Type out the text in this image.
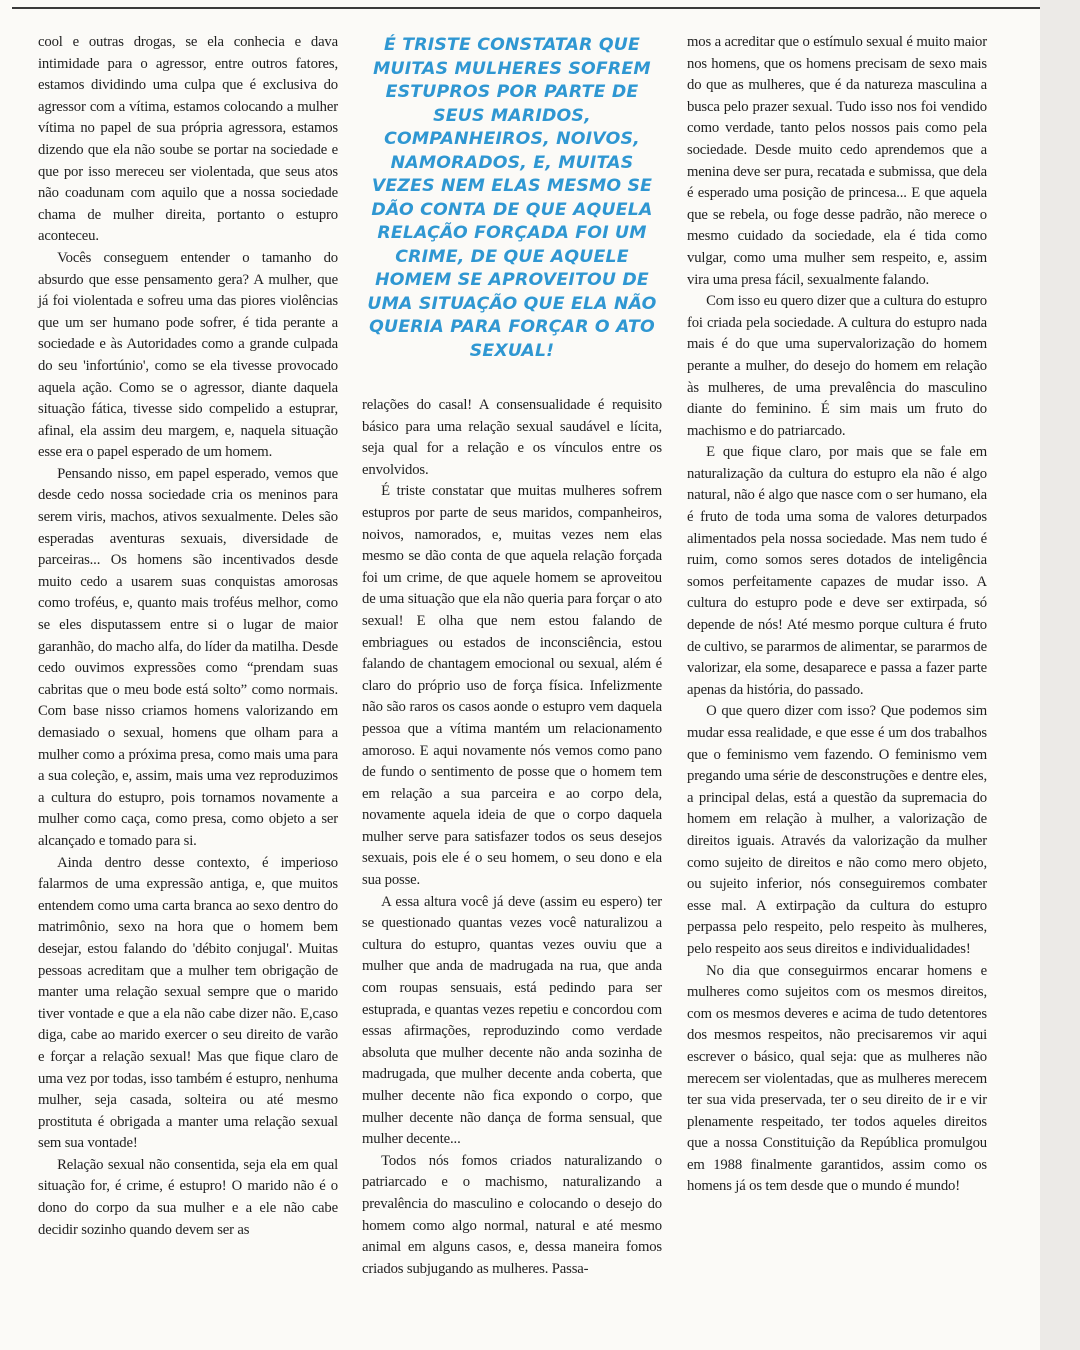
cool e outras drogas, se ela conhecia e dava intimidade para o agressor, entre outros fatores, estamos dividindo uma culpa que é exclusiva do agressor com a vítima, estamos colocando a mulher vítima no papel de sua própria agressora, estamos dizendo que ela não soube se portar na sociedade e que por isso mereceu ser violentada, que seus atos não coadunam com aquilo que a nossa sociedade chama de mulher direita, portanto o estupro aconteceu.

Vocês conseguem entender o tamanho do absurdo que esse pensamento gera? A mulher, que já foi violentada e sofreu uma das piores violências que um ser humano pode sofrer, é tida perante a sociedade e às Autoridades como a grande culpada do seu 'infortúnio', como se ela tivesse provocado aquela ação. Como se o agressor, diante daquela situação fática, tivesse sido compelido a estuprar, afinal, ela assim deu margem, e, naquela situação esse era o papel esperado de um homem.

Pensando nisso, em papel esperado, vemos que desde cedo nossa sociedade cria os meninos para serem viris, machos, ativos sexualmente. Deles são esperadas aventuras sexuais, diversidade de parceiras... Os homens são incentivados desde muito cedo a usarem suas conquistas amorosas como troféus, e, quanto mais troféus melhor, como se eles disputassem entre si o lugar de maior garanhão, do macho alfa, do líder da matilha. Desde cedo ouvimos expressões como “prendam suas cabritas que o meu bode está solto” como normais. Com base nisso criamos homens valorizando em demasiado o sexual, homens que olham para a mulher como a próxima presa, como mais uma para a sua coleção, e, assim, mais uma vez reproduzimos a cultura do estupro, pois tornamos novamente a mulher como caça, como presa, como objeto a ser alcançado e tomado para si.

Ainda dentro desse contexto, é imperioso falarmos de uma expressão antiga, e, que muitos entendem como uma carta branca ao sexo dentro do matrimônio, sexo na hora que o homem bem desejar, estou falando do 'débito conjugal'. Muitas pessoas acreditam que a mulher tem obrigação de manter uma relação sexual sempre que o marido tiver vontade e que a ela não cabe dizer não. E,caso diga, cabe ao marido exercer o seu direito de varão e forçar a relação sexual! Mas que fique claro de uma vez por todas, isso também é estupro, nenhuma mulher, seja casada, solteira ou até mesmo prostituta é obrigada a manter uma relação sexual sem sua vontade!

Relação sexual não consentida, seja ela em qual situação for, é crime, é estupro! O marido não é o dono do corpo da sua mulher e a ele não cabe decidir sozinho quando devem ser as

É TRISTE CONSTATAR QUE MUITAS MULHERES SOFREM ESTUPROS POR PARTE DE SEUS MARIDOS, COMPANHEIROS, NOIVOS, NAMORADOS, E, MUITAS VEZES NEM ELAS MESMO SE DÃO CONTA DE QUE AQUELA RELAÇÃO FORÇADA FOI UM CRIME, DE QUE AQUELE HOMEM SE APROVEITOU DE UMA SITUAÇÃO QUE ELA NÃO QUERIA PARA FORÇAR O ATO SEXUAL!

relações do casal! A consensualidade é requisito básico para uma relação sexual saudável e lícita, seja qual for a relação e os vínculos entre os envolvidos.

É triste constatar que muitas mulheres sofrem estupros por parte de seus maridos, companheiros, noivos, namorados, e, muitas vezes nem elas mesmo se dão conta de que aquela relação forçada foi um crime, de que aquele homem se aproveitou de uma situação que ela não queria para forçar o ato sexual! E olha que nem estou falando de embriagues ou estados de inconsciência, estou falando de chantagem emocional ou sexual, além é claro do próprio uso de força física. Infelizmente não são raros os casos aonde o estupro vem daquela pessoa que a vítima mantém um relacionamento amoroso. E aqui novamente nós vemos como pano de fundo o sentimento de posse que o homem tem em relação a sua parceira e ao corpo dela, novamente aquela ideia de que o corpo daquela mulher serve para satisfazer todos os seus desejos sexuais, pois ele é o seu homem, o seu dono e ela sua posse.

A essa altura você já deve (assim eu espero) ter se questionado quantas vezes você naturalizou a cultura do estupro, quantas vezes ouviu que a mulher que anda de madrugada na rua, que anda com roupas sensuais, está pedindo para ser estuprada, e quantas vezes repetiu e concordou com essas afirmações, reproduzindo como verdade absoluta que mulher decente não anda sozinha de madrugada, que mulher decente anda coberta, que mulher decente não fica expondo o corpo, que mulher decente não dança de forma sensual, que mulher decente...

Todos nós fomos criados naturalizando o patriarcado e o machismo, naturalizando a prevalência do masculino e colocando o desejo do homem como algo normal, natural e até mesmo animal em alguns casos, e, dessa maneira fomos criados subjugando as mulheres. Passa-

mos a acreditar que o estímulo sexual é muito maior nos homens, que os homens precisam de sexo mais do que as mulheres, que é da natureza masculina a busca pelo prazer sexual. Tudo isso nos foi vendido como verdade, tanto pelos nossos pais como pela sociedade. Desde muito cedo aprendemos que a menina deve ser pura, recatada e submissa, que dela é esperado uma posição de princesa... E que aquela que se rebela, ou foge desse padrão, não merece o mesmo cuidado da sociedade, ela é tida como vulgar, como uma mulher sem respeito, e, assim vira uma presa fácil, sexualmente falando.

Com isso eu quero dizer que a cultura do estupro foi criada pela sociedade. A cultura do estupro nada mais é do que uma supervalorização do homem perante a mulher, do desejo do homem em relação às mulheres, de uma prevalência do masculino diante do feminino. É sim mais um fruto do machismo e do patriarcado.

E que fique claro, por mais que se fale em naturalização da cultura do estupro ela não é algo natural, não é algo que nasce com o ser humano, ela é fruto de toda uma soma de valores deturpados alimentados pela nossa sociedade. Mas nem tudo é ruim, como somos seres dotados de inteligência somos perfeitamente capazes de mudar isso. A cultura do estupro pode e deve ser extirpada, só depende de nós! Até mesmo porque cultura é fruto de cultivo, se pararmos de alimentar, se pararmos de valorizar, ela some, desaparece e passa a fazer parte apenas da história, do passado.

O que quero dizer com isso? Que podemos sim mudar essa realidade, e que esse é um dos trabalhos que o feminismo vem fazendo. O feminismo vem pregando uma série de desconstruções e dentre eles, a principal delas, está a questão da supremacia do homem em relação à mulher, a valorização de direitos iguais. Através da valorização da mulher como sujeito de direitos e não como mero objeto, ou sujeito inferior, nós conseguiremos combater esse mal. A extirpação da cultura do estupro perpassa pelo respeito, pelo respeito às mulheres, pelo respeito aos seus direitos e individualidades!

No dia que conseguirmos encarar homens e mulheres como sujeitos com os mesmos direitos, com os mesmos deveres e acima de tudo detentores dos mesmos respeitos, não precisaremos vir aqui escrever o básico, qual seja: que as mulheres não merecem ser violentadas, que as mulheres merecem ter sua vida preservada, ter o seu direito de ir e vir plenamente respeitado, ter todos aqueles direitos que a nossa Constituição da República promulgou em 1988 finalmente garantidos, assim como os homens já os tem desde que o mundo é mundo!
